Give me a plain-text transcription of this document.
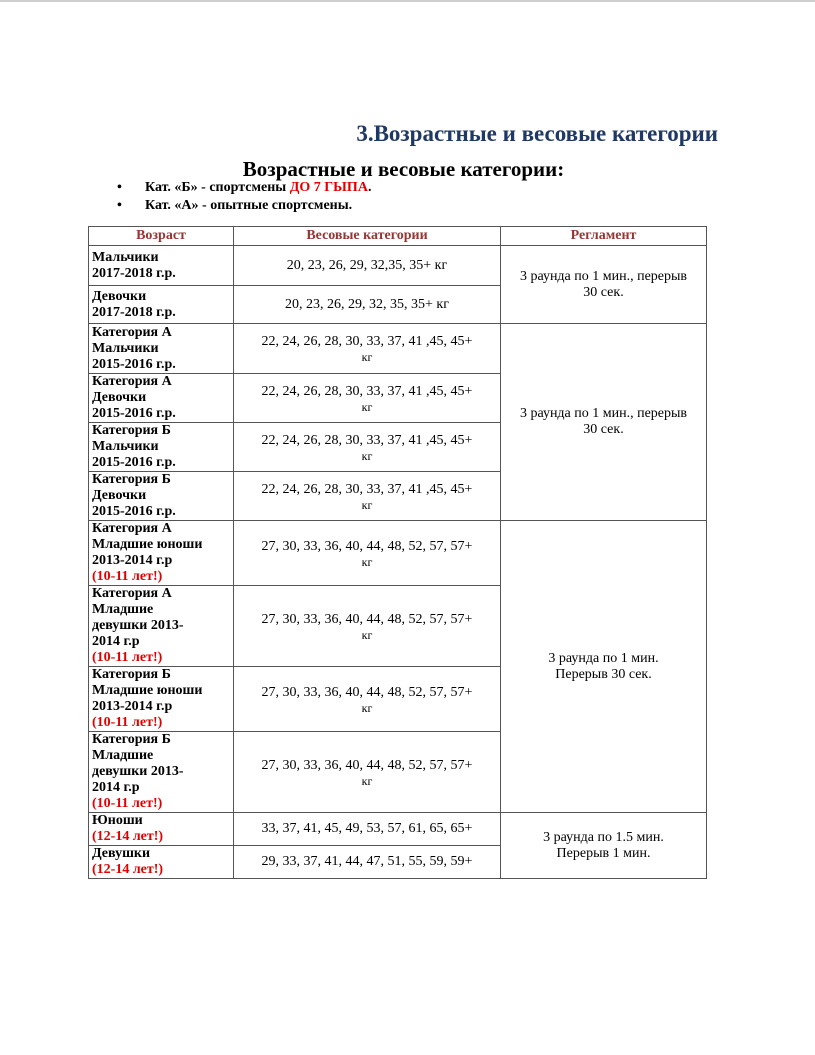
3.Возрастные и весовые категории
Возрастные и весовые категории:
• Кат. «Б» - спортсмены ДО 7 ГЫПА.
• Кат. «А» - опытные спортсмены.
Возраст	Весовые категории	Регламент

Мальчики
2017-2018 г.р.	20, 23, 26, 29, 32,35, 35+ кг	3 раунда по 1 мин., перерыв
30 сек.

Девочки
2017-2018 г.р.	20, 23, 26, 29, 32, 35, 35+ кг	

Категория А
Мальчики
2015-2016 г.р.	22, 24, 26, 28, 30, 33, 37, 41 ,45, 45+
кг	3 раунда по 1 мин., перерыв
30 сек.

Категория А
Девочки
2015-2016 г.р.	22, 24, 26, 28, 30, 33, 37, 41 ,45, 45+
кг	

Категория Б
Мальчики
2015-2016 г.р.	22, 24, 26, 28, 30, 33, 37, 41 ,45, 45+
кг	

Категория Б
Девочки
2015-2016 г.р.	22, 24, 26, 28, 30, 33, 37, 41 ,45, 45+
кг	

Категория А
Младшие юноши
2013-2014 г.р
(10-11 лет!)	27, 30, 33, 36, 40, 44, 48, 52, 57, 57+
кг	3 раунда по 1 мин.
Перерыв 30 сек.

Категория А
Младшие
девушки 2013-
2014 г.р
(10-11 лет!)	27, 30, 33, 36, 40, 44, 48, 52, 57, 57+
кг	

Категория Б
Младшие юноши
2013-2014 г.р
(10-11 лет!)	27, 30, 33, 36, 40, 44, 48, 52, 57, 57+
кг	

Категория Б
Младшие
девушки 2013-
2014 г.р
(10-11 лет!)	27, 30, 33, 36, 40, 44, 48, 52, 57, 57+
кг	

Юноши
(12-14 лет!)	33, 37, 41, 45, 49, 53, 57, 61, 65, 65+	3 раунда по 1.5 мин.
Перерыв 1 мин.

Девушки
(12-14 лет!)	29, 33, 37, 41, 44, 47, 51, 55, 59, 59+	
